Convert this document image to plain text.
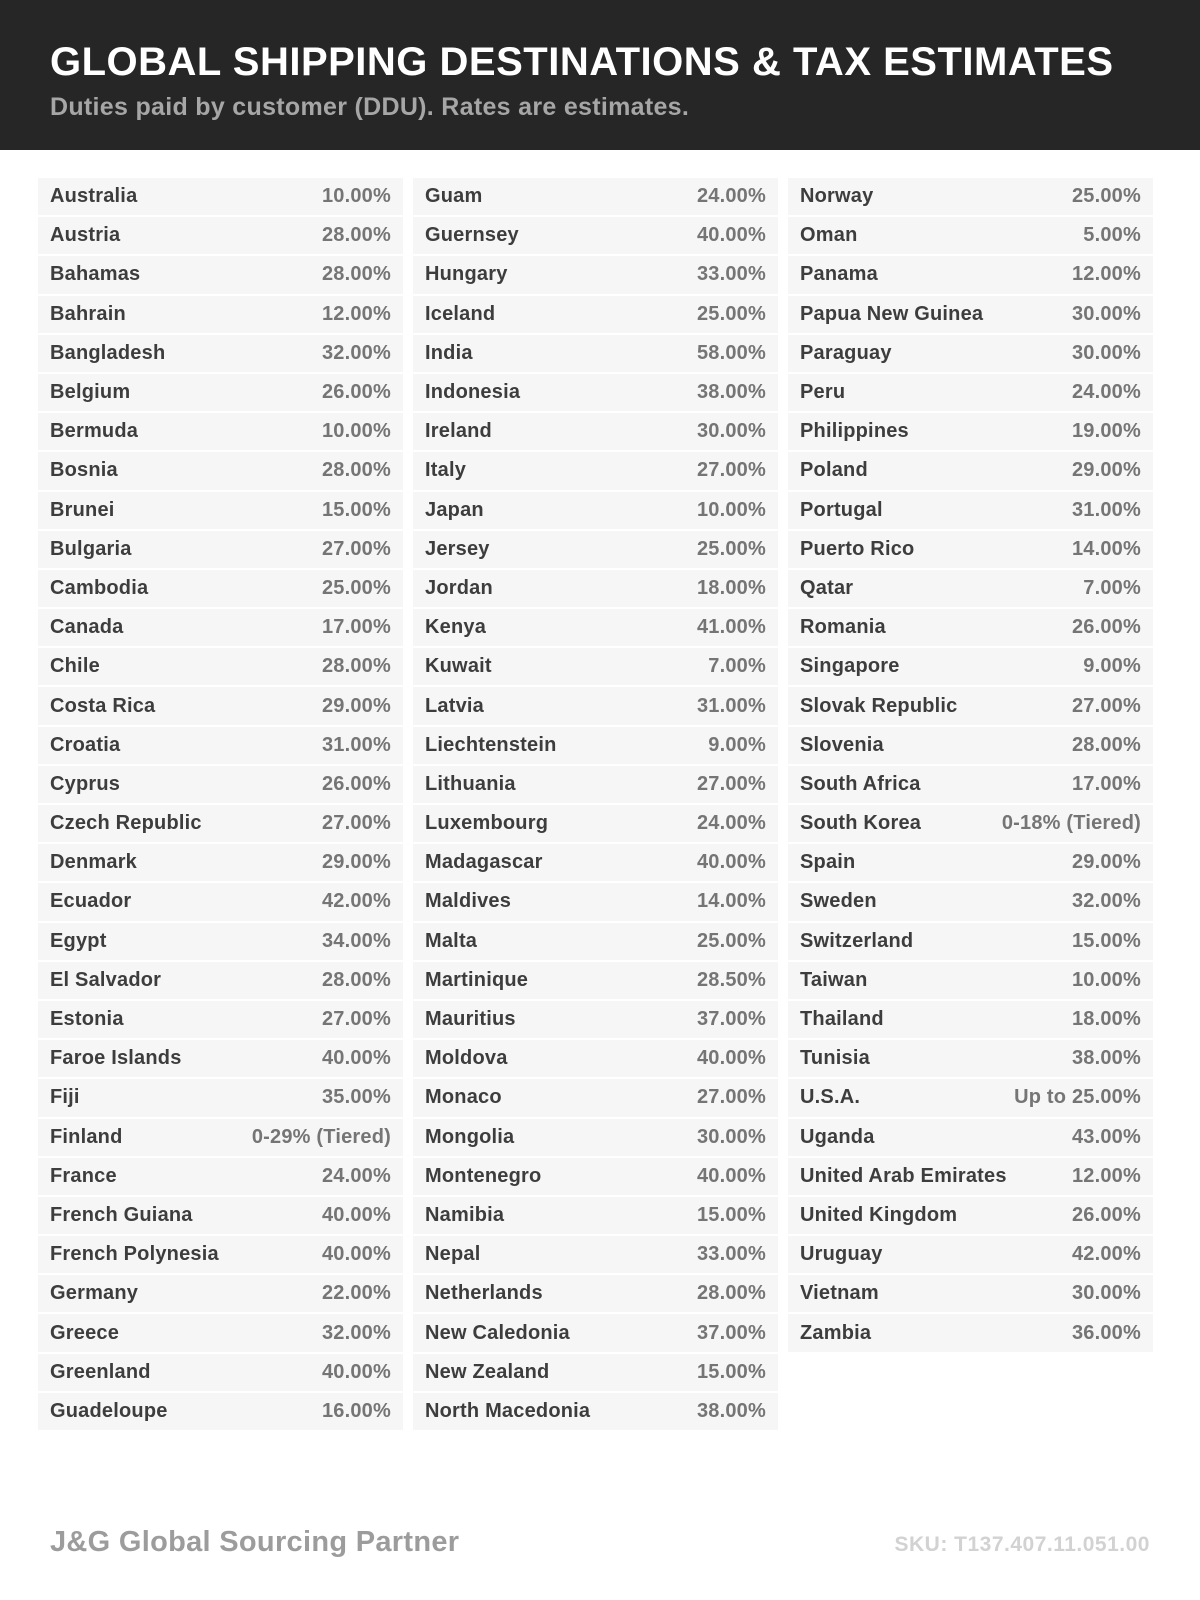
GLOBAL SHIPPING DESTINATIONS & TAX ESTIMATES
Duties paid by customer (DDU). Rates are estimates.
Australia	10.00%
Austria	28.00%
Bahamas	28.00%
Bahrain	12.00%
Bangladesh	32.00%
Belgium	26.00%
Bermuda	10.00%
Bosnia	28.00%
Brunei	15.00%
Bulgaria	27.00%
Cambodia	25.00%
Canada	17.00%
Chile	28.00%
Costa Rica	29.00%
Croatia	31.00%
Cyprus	26.00%
Czech Republic	27.00%
Denmark	29.00%
Ecuador	42.00%
Egypt	34.00%
El Salvador	28.00%
Estonia	27.00%
Faroe Islands	40.00%
Fiji	35.00%
Finland	0-29% (Tiered)
France	24.00%
French Guiana	40.00%
French Polynesia	40.00%
Germany	22.00%
Greece	32.00%
Greenland	40.00%
Guadeloupe	16.00%
Guam	24.00%
Guernsey	40.00%
Hungary	33.00%
Iceland	25.00%
India	58.00%
Indonesia	38.00%
Ireland	30.00%
Italy	27.00%
Japan	10.00%
Jersey	25.00%
Jordan	18.00%
Kenya	41.00%
Kuwait	7.00%
Latvia	31.00%
Liechtenstein	9.00%
Lithuania	27.00%
Luxembourg	24.00%
Madagascar	40.00%
Maldives	14.00%
Malta	25.00%
Martinique	28.50%
Mauritius	37.00%
Moldova	40.00%
Monaco	27.00%
Mongolia	30.00%
Montenegro	40.00%
Namibia	15.00%
Nepal	33.00%
Netherlands	28.00%
New Caledonia	37.00%
New Zealand	15.00%
North Macedonia	38.00%
Norway	25.00%
Oman	5.00%
Panama	12.00%
Papua New Guinea	30.00%
Paraguay	30.00%
Peru	24.00%
Philippines	19.00%
Poland	29.00%
Portugal	31.00%
Puerto Rico	14.00%
Qatar	7.00%
Romania	26.00%
Singapore	9.00%
Slovak Republic	27.00%
Slovenia	28.00%
South Africa	17.00%
South Korea	0-18% (Tiered)
Spain	29.00%
Sweden	32.00%
Switzerland	15.00%
Taiwan	10.00%
Thailand	18.00%
Tunisia	38.00%
U.S.A.	Up to 25.00%
Uganda	43.00%
United Arab Emirates	12.00%
United Kingdom	26.00%
Uruguay	42.00%
Vietnam	30.00%
Zambia	36.00%
J&G Global Sourcing Partner	SKU: T137.407.11.051.00
